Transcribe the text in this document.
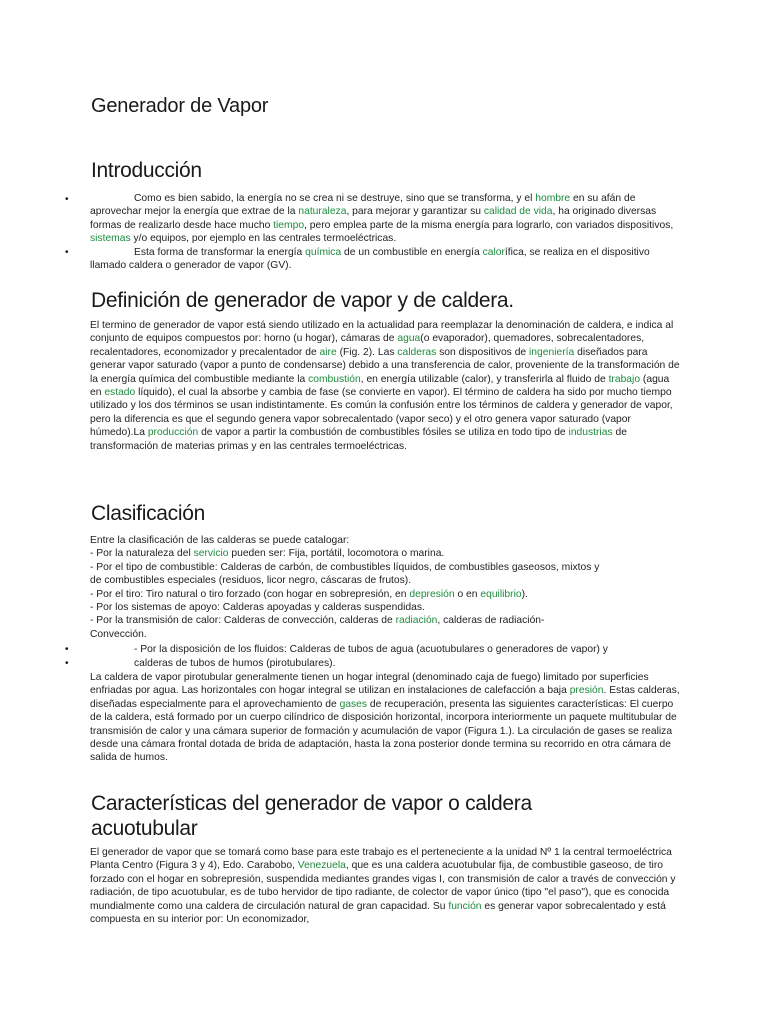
Generador de Vapor
Introducción
•	Como es bien sabido, la energía no se crea ni se destruye, sino que se transforma, y el hombre en su afán de aprovechar mejor la energía que extrae de la naturaleza, para mejorar y garantizar su calidad de vida, ha originado diversas formas de realizarlo desde hace mucho tiempo, pero emplea parte de la misma energía para lograrlo, con variados dispositivos, sistemas y/o equipos, por ejemplo en las centrales termoeléctricas.
•	Esta forma de transformar la energía química de un combustible en energía calorífica, se realiza en el dispositivo llamado caldera o generador de vapor (GV).
Definición de generador de vapor y de caldera.
El termino de generador de vapor está siendo utilizado en la actualidad para reemplazar la denominación de caldera, e indica al conjunto de equipos compuestos por: horno (u hogar), cámaras de agua(o evaporador), quemadores, sobrecalentadores, recalentadores, economizador y precalentador de aire (Fig. 2). Las calderas son dispositivos de ingeniería diseñados para generar vapor saturado (vapor a punto de condensarse) debido a una transferencia de calor, proveniente de la transformación de la energía química del combustible mediante la combustión, en energía utilizable (calor), y transferirla al fluido de trabajo (agua en estado líquido), el cual la absorbe y cambia de fase (se convierte en vapor). El término de caldera ha sido por mucho tiempo utilizado y los dos términos se usan indistintamente. Es común la confusión entre los términos de caldera y generador de vapor, pero la diferencia es que el segundo genera vapor sobrecalentado (vapor seco) y el otro genera vapor saturado (vapor húmedo).La producción de vapor a partir la combustión de combustibles fósiles se utiliza en todo tipo de industrias de transformación de materias primas y en las centrales termoeléctricas.
Clasificación
Entre la clasificación de las calderas se puede catalogar:
- Por la naturaleza del servicio pueden ser: Fija, portátil, locomotora o marina.
- Por el tipo de combustible: Calderas de carbón, de combustibles líquidos, de combustibles gaseosos, mixtos y de combustibles especiales (residuos, licor negro, cáscaras de frutos).
- Por el tiro: Tiro natural o tiro forzado (con hogar en sobrepresión, en depresión o en equilibrio).
- Por los sistemas de apoyo: Calderas apoyadas y calderas suspendidas.
- Por la transmisión de calor: Calderas de convección, calderas de radiación, calderas de radiación-Convección.
•	- Por la disposición de los fluidos: Calderas de tubos de agua (acuotubulares o generadores de vapor) y
•	calderas de tubos de humos (pirotubulares).
La caldera de vapor pirotubular generalmente tienen un hogar integral (denominado caja de fuego) limitado por superficies enfriadas por agua. Las horizontales con hogar integral se utilizan en instalaciones de calefacción a baja presión. Estas calderas, diseñadas especialmente para el aprovechamiento de gases de recuperación, presenta las siguientes características: El cuerpo de la caldera, está formado por un cuerpo cilíndrico de disposición horizontal, incorpora interiormente un paquete multitubular de transmisión de calor y una cámara superior de formación y acumulación de vapor (Figura 1.). La circulación de gases se realiza desde una cámara frontal dotada de brida de adaptación, hasta la zona posterior donde termina su recorrido en otra cámara de salida de humos.
Características del generador de vapor o caldera acuotubular
El generador de vapor que se tomará como base para este trabajo es el perteneciente a la unidad Nº 1 la central termoeléctrica Planta Centro (Figura 3 y 4), Edo. Carabobo, Venezuela, que es una caldera acuotubular fija, de combustible gaseoso, de tiro forzado con el hogar en sobrepresión, suspendida mediantes grandes vigas I, con transmisión de calor a través de convección y radiación, de tipo acuotubular, es de tubo hervidor de tipo radiante, de colector de vapor único (tipo "el paso"), que es conocida mundialmente como una caldera de circulación natural de gran capacidad. Su función es generar vapor sobrecalentado y está compuesta en su interior por: Un economizador,
